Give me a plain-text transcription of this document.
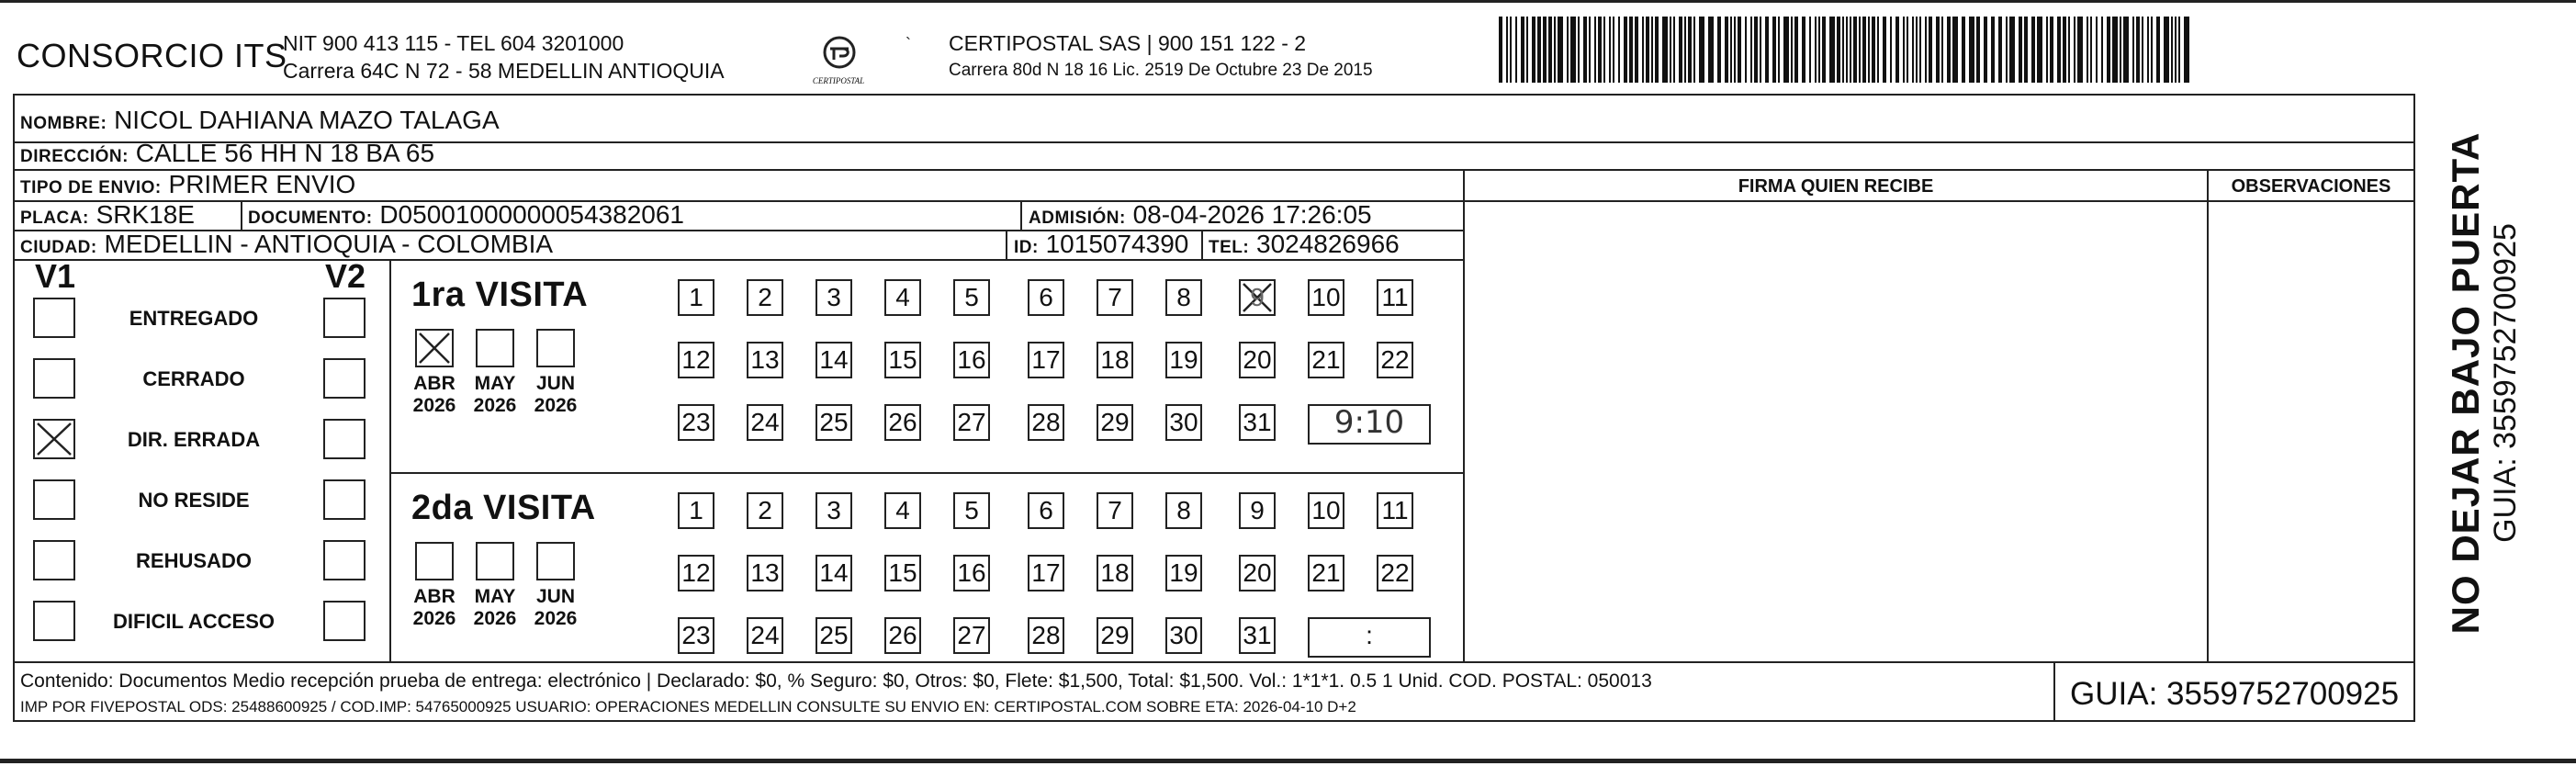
CONSORCIO ITS
NIT 900 413 115 - TEL 604 3201000
Carrera 64C N 72 - 58 MEDELLIN ANTIOQUIA	CERTIPOSTAL
` CERTIPOSTAL SAS | 900 151 122 - 2
Carrera 80d N 18 16 Lic. 2519 De Octubre 23 De 2015
NOMBRE: NICOL DAHIANA MAZO TALAGA
DIRECCIÓN: CALLE 56 HH N 18 BA 65
TIPO DE ENVIO: PRIMER ENVIO
PLACA: SRK18E	DOCUMENTO: D05001000000054382061	ADMISIÓN: 08-04-2026 17:26:05
CIUDAD: MEDELLIN - ANTIOQUIA - COLOMBIA	ID: 1015074390 TEL: 3024826966
FIRMA QUIEN RECIBE	OBSERVACIONES
V1	V2
ENTREGADO
CERRADO
DIR. ERRADA
NO RESIDE
REHUSADO
DIFICIL ACCESO
1ra VISITA
ABR
2026
MAY
2026
JUN
2026
1	2	3	4	5	6	7	8	9	10 11
12 13 14 15 16 17 18 19 20 21 22
23 24 25 26 27 28 29 30 31	9:10
2da VISITA
ABR
2026
MAY
2026
JUN
2026
1	2	3	4	5	6	7	8	9	10 11
12 13 14 15 16 17 18 19 20 21 22
23 24 25 26 27 28 29 30 31	:
Contenido: Documentos Medio recepción prueba de entrega: electrónico | Declarado: $0, % Seguro: $0, Otros: $0, Flete: $1,500, Total: $1,500. Vol.: 1*1*1. 0.5 1 Unid. COD. POSTAL: 050013
IMP POR FIVEPOSTAL ODS: 25488600925 / COD.IMP: 54765000925 USUARIO: OPERACIONES MEDELLIN CONSULTE SU ENVIO EN: CERTIPOSTAL.COM SOBRE ETA: 2026-04-10 D+2	GUIA: 3559752700925
NO DEJAR BAJO PUERTA GUIA: 3559752700925
